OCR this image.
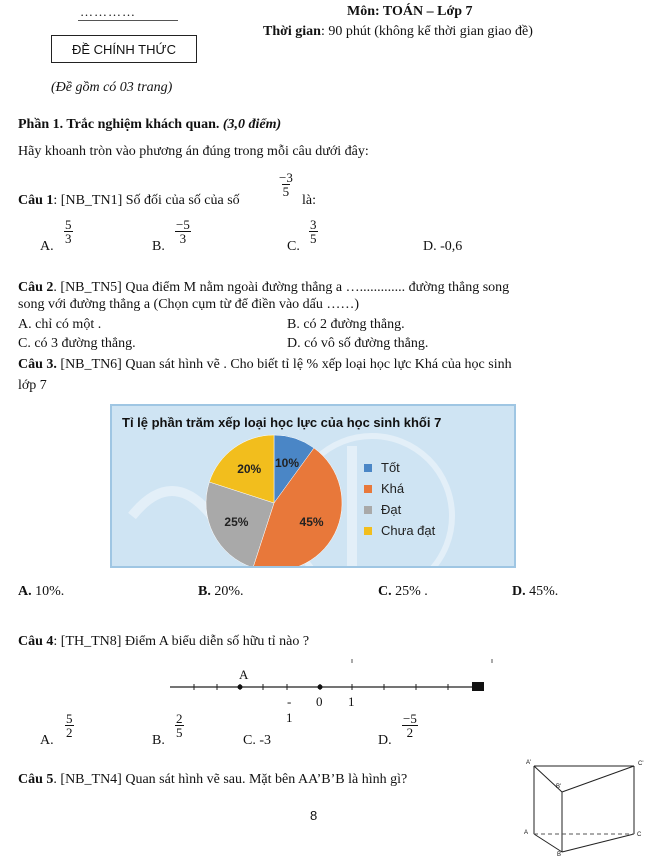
…………	Môn: TOÁN – Lớp 7
Thời gian: 90 phút (không kể thời gian giao đề)
ĐỀ CHÍNH THỨC
(Đề gồm có 03 trang)
Phần 1. Trắc nghiệm khách quan. (3,0 điểm)
Hãy khoanh tròn vào phương án đúng trong mỗi câu dưới đây:
Câu 1: [NB_TN1] Số đối của số của số
$\frac{-3}{5}$
là:
A.
$\frac{5}{3}$
B.
$\frac{-5}{3}$
C.
$\frac{3}{5}$
D. -0,6
Câu 2. [NB_TN5] Qua điểm M nằm ngoài đường thẳng a …............. đường thẳng song
song với đường thẳng a (Chọn cụm từ để điền vào dấu ……)
A. chỉ có một .	B. có 2 đường thẳng.
C. có 3 đường thẳng.	D. có vô số đường thẳng.
Câu 3. [NB_TN6] Quan sát hình vẽ . Cho biết tỉ lệ % xếp loại học lực Khá của học sinh
lớp 7
Tỉ lệ phần trăm xếp loại học lực của học sinh khối 7
10%
45%
25%
20%	Tốt
Khá
Đạt
Chưa đạt
A. 10%.	B. 20%.	C. 25% .	D. 45%.
Câu 4: [TH_TN8] Điểm A biểu diễn số hữu tỉ nào ?
A
- 0 1
1
A.
$\frac{5}{2}$
B.
$\frac{2}{5}$
C. -3	D.
$\frac{-5}{2}$
Câu 5. [NB_TN4] Quan sát hình vẽ sau. Mặt bên AA’B’B là hình gì?
A'	C'
B'
A	C
B
8
